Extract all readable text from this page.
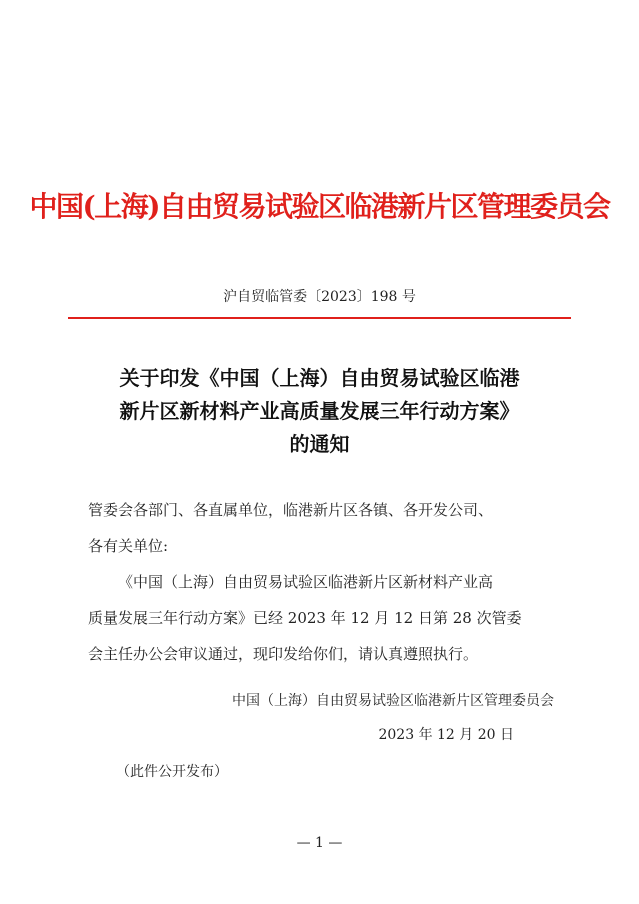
中国(上海)自由贸易试验区临港新片区管理委员会
沪自贸临管委〔2023〕198 号
关于印发《中国（上海）自由贸易试验区临港
新片区新材料产业高质量发展三年行动方案》
的通知
管委会各部门、各直属单位，临港新片区各镇、各开发公司、
各有关单位:
《中国（上海）自由贸易试验区临港新片区新材料产业高
质量发展三年行动方案》已经 2023 年 12 月 12 日第 28 次管委
会主任办公会审议通过，现印发给你们，请认真遵照执行。
中国（上海）自由贸易试验区临港新片区管理委员会
2023 年 12 月 20 日
（此件公开发布）
— 1 —
